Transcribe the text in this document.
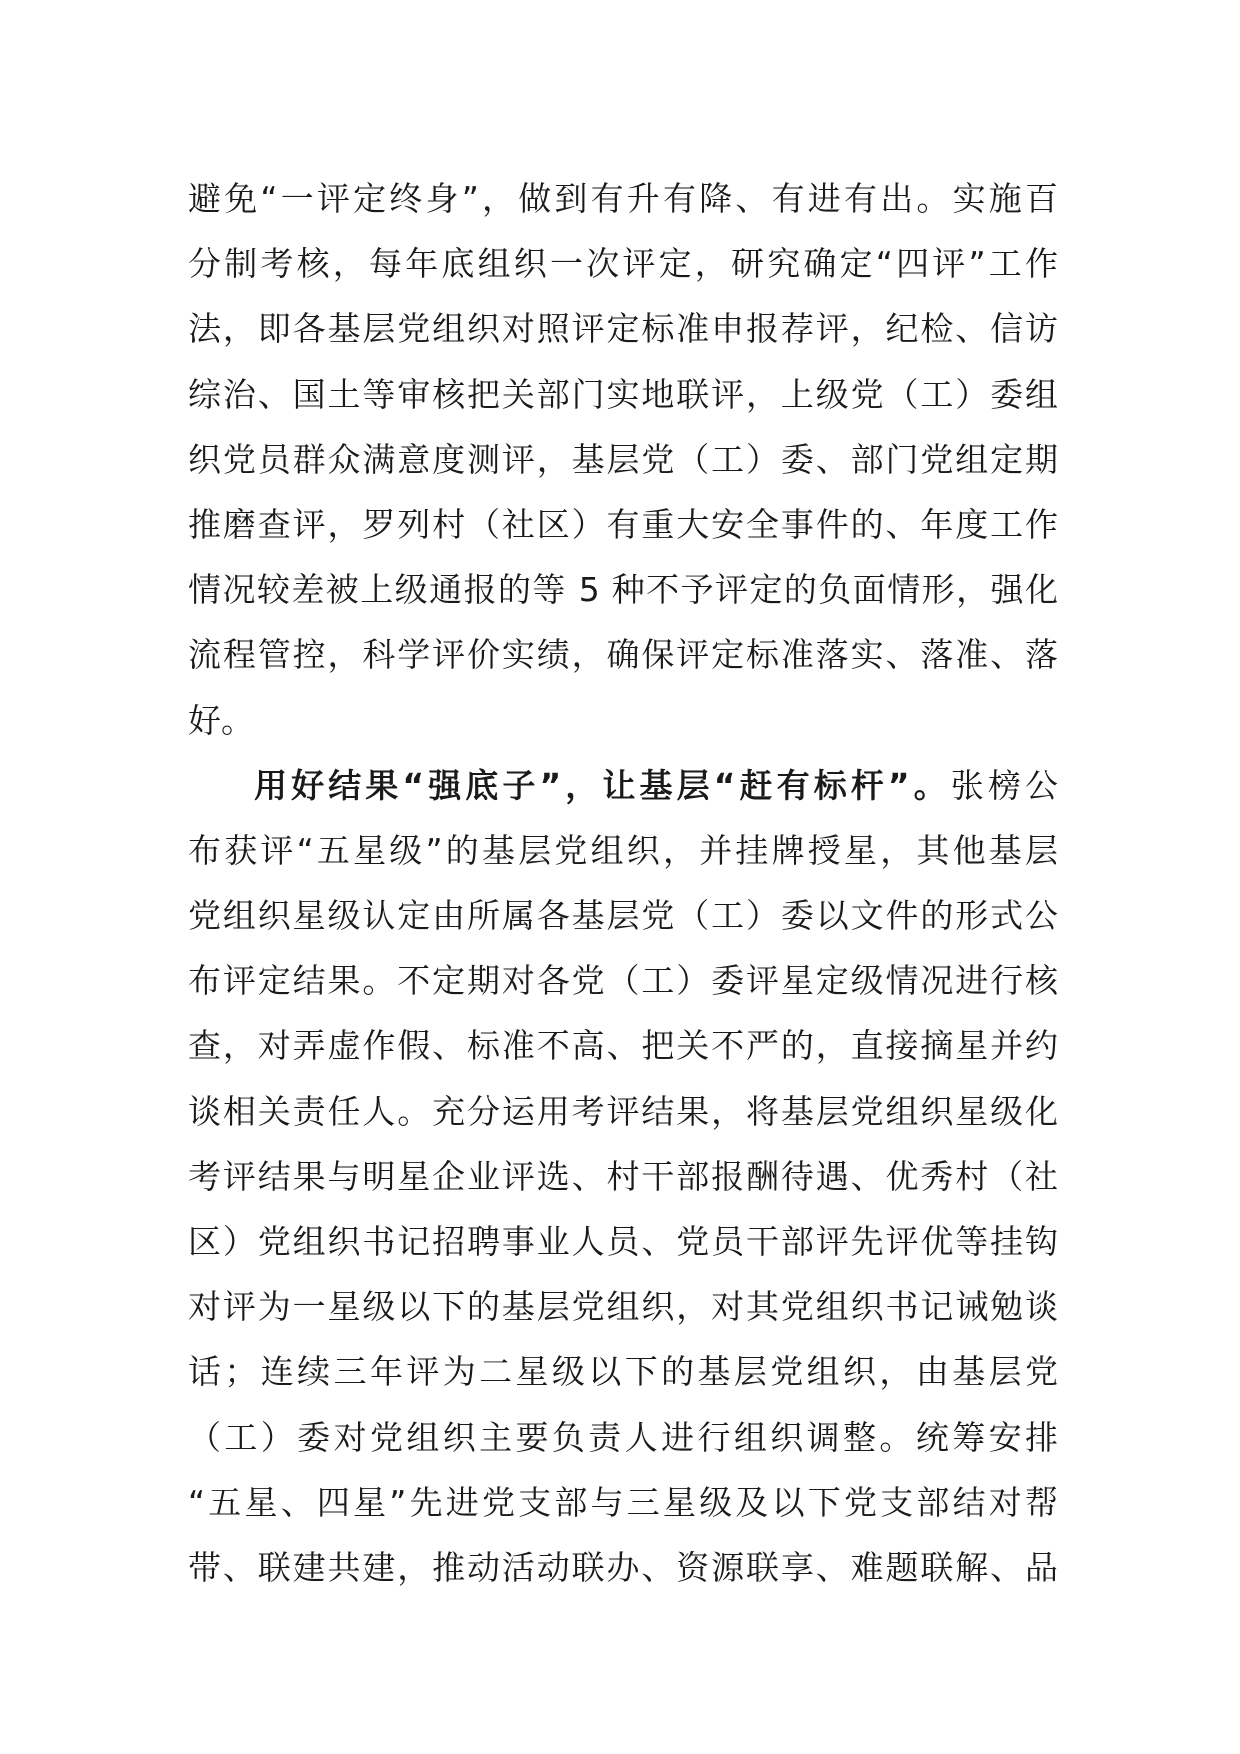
避免“一评定终身”，做到有升有降、有进有出。实施百
分制考核，每年底组织一次评定，研究确定“四评”工作
法，即各基层党组织对照评定标准申报荐评，纪检、信访
综治、国土等审核把关部门实地联评，上级党（工）委组
织党员群众满意度测评，基层党（工）委、部门党组定期
推磨查评，罗列村（社区）有重大安全事件的、年度工作
情况较差被上级通报的等 5 种不予评定的负面情形，强化
流程管控，科学评价实绩，确保评定标准落实、落准、落
好。
用好结果“强底子”，让基层“赶有标杆”。张榜公
布获评“五星级”的基层党组织，并挂牌授星，其他基层
党组织星级认定由所属各基层党（工）委以文件的形式公
布评定结果。不定期对各党（工）委评星定级情况进行核
查，对弄虚作假、标准不高、把关不严的，直接摘星并约
谈相关责任人。充分运用考评结果，将基层党组织星级化
考评结果与明星企业评选、村干部报酬待遇、优秀村（社
区）党组织书记招聘事业人员、党员干部评先评优等挂钩
对评为一星级以下的基层党组织，对其党组织书记诫勉谈
话；连续三年评为二星级以下的基层党组织，由基层党
（工）委对党组织主要负责人进行组织调整。统筹安排
“五星、四星”先进党支部与三星级及以下党支部结对帮
带、联建共建，推动活动联办、资源联享、难题联解、品
